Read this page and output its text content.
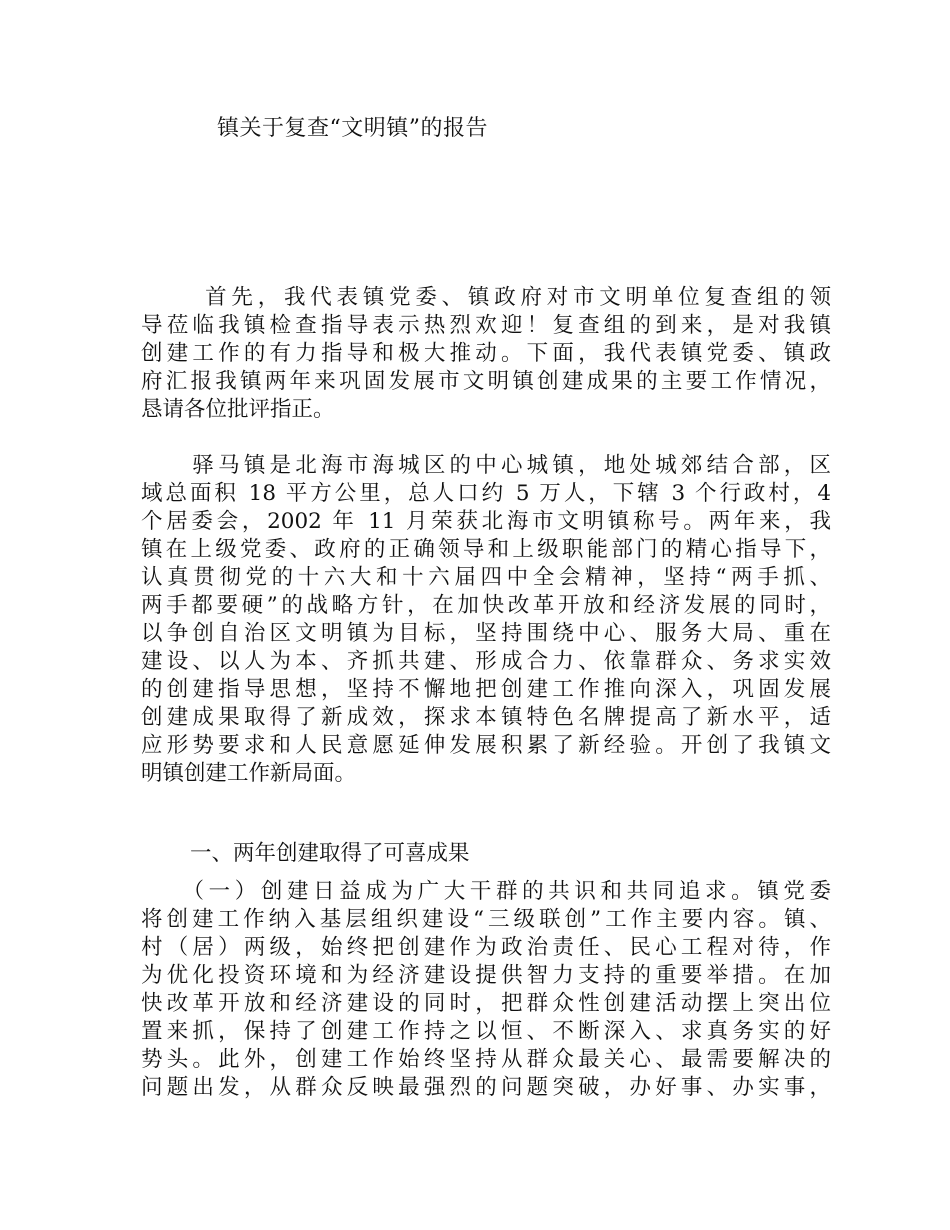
镇关于复查“文明镇”的报告
　　 首先，我代表镇党委、镇政府对市文明单位复查组的领
导莅临我镇检查指导表示热烈欢迎！复查组的到来，是对我镇
创建工作的有力指导和极大推动。下面，我代表镇党委、镇政
府汇报我镇两年来巩固发展市文明镇创建成果的主要工作情况，
恳请各位批评指正。
　　驿马镇是北海市海城区的中心城镇，地处城郊结合部，区
域总面积 18 平方公里，总人口约 5 万人，下辖 3 个行政村，4
个居委会，2002 年 11 月荣获北海市文明镇称号。两年来，我
镇在上级党委、政府的正确领导和上级职能部门的精心指导下，
认真贯彻党的十六大和十六届四中全会精神，坚持“两手抓、
两手都要硬”的战略方针，在加快改革开放和经济发展的同时，
以争创自治区文明镇为目标，坚持围绕中心、服务大局、重在
建设、以人为本、齐抓共建、形成合力、依靠群众、务求实效
的创建指导思想，坚持不懈地把创建工作推向深入，巩固发展
创建成果取得了新成效，探求本镇特色名牌提高了新水平，适
应形势要求和人民意愿延伸发展积累了新经验。开创了我镇文
明镇创建工作新局面。
一、两年创建取得了可喜成果
　　（一）创建日益成为广大干群的共识和共同追求。镇党委
将创建工作纳入基层组织建设“三级联创”工作主要内容。镇、
村（居）两级，始终把创建作为政治责任、民心工程对待，作
为优化投资环境和为经济建设提供智力支持的重要举措。在加
快改革开放和经济建设的同时，把群众性创建活动摆上突出位
置来抓，保持了创建工作持之以恒、不断深入、求真务实的好
势头。此外，创建工作始终坚持从群众最关心、最需要解决的
问题出发，从群众反映最强烈的问题突破，办好事、办实事，
